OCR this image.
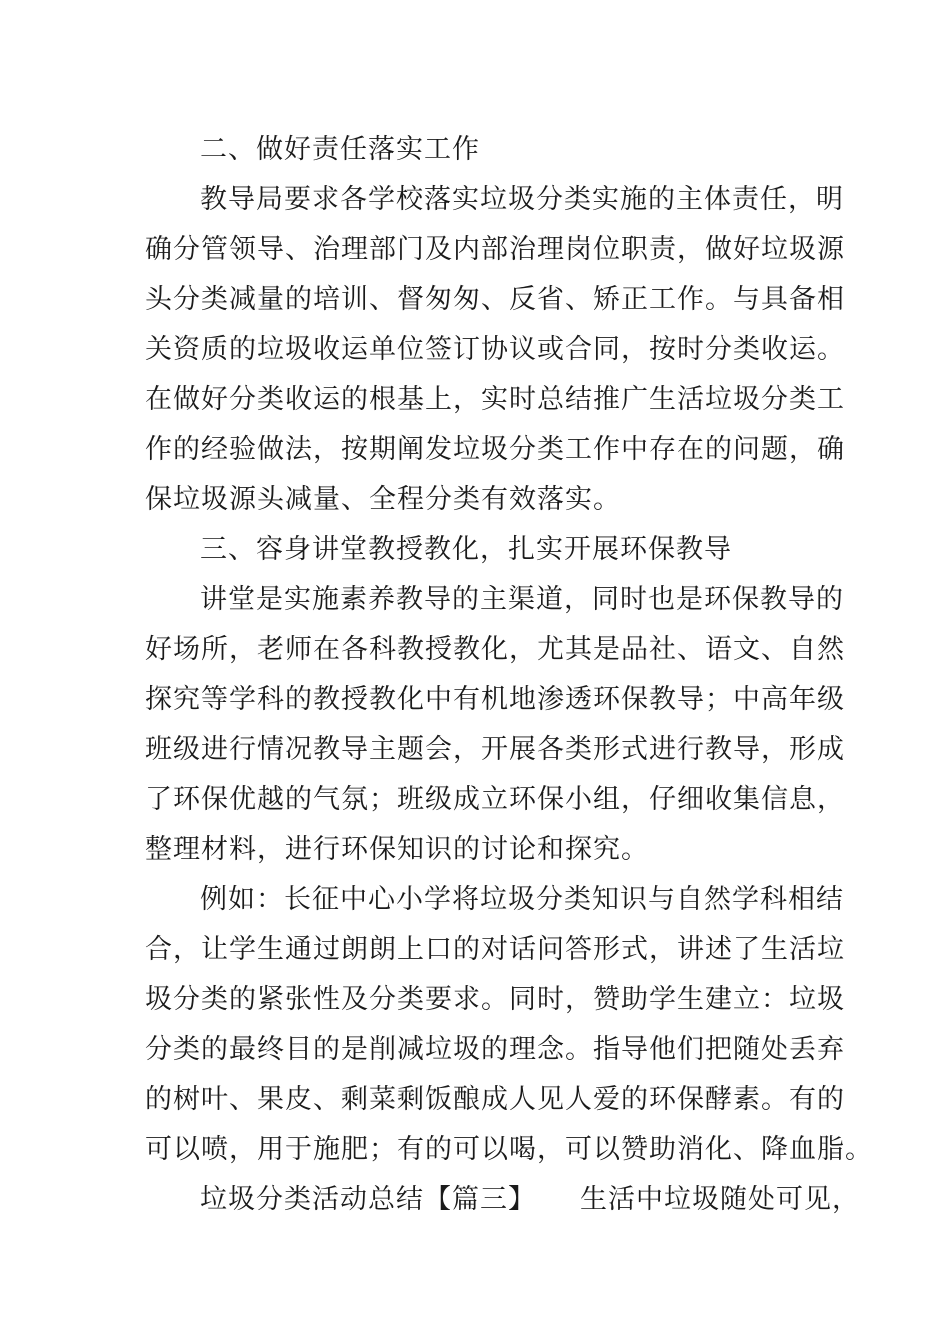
二、做好责任落实工作
教导局要求各学校落实垃圾分类实施的主体责任，明
确分管领导、治理部门及内部治理岗位职责，做好垃圾源
头分类减量的培训、督匆匆、反省、矫正工作。与具备相
关资质的垃圾收运单位签订协议或合同，按时分类收运。
在做好分类收运的根基上，实时总结推广生活垃圾分类工
作的经验做法，按期阐发垃圾分类工作中存在的问题，确
保垃圾源头减量、全程分类有效落实。
三、容身讲堂教授教化，扎实开展环保教导
讲堂是实施素养教导的主渠道，同时也是环保教导的
好场所，老师在各科教授教化，尤其是品社、语文、自然
探究等学科的教授教化中有机地渗透环保教导；中高年级
班级进行情况教导主题会，开展各类形式进行教导，形成
了环保优越的气氛；班级成立环保小组，仔细收集信息，
整理材料，进行环保知识的讨论和探究。
例如：长征中心小学将垃圾分类知识与自然学科相结
合，让学生通过朗朗上口的对话问答形式，讲述了生活垃
圾分类的紧张性及分类要求。同时，赞助学生建立：垃圾
分类的最终目的是削减垃圾的理念。指导他们把随处丢弃
的树叶、果皮、剩菜剩饭酿成人见人爱的环保酵素。有的
可以喷，用于施肥；有的可以喝，可以赞助消化、降血脂。
垃圾分类活动总结【篇三】 生活中垃圾随处可见，
